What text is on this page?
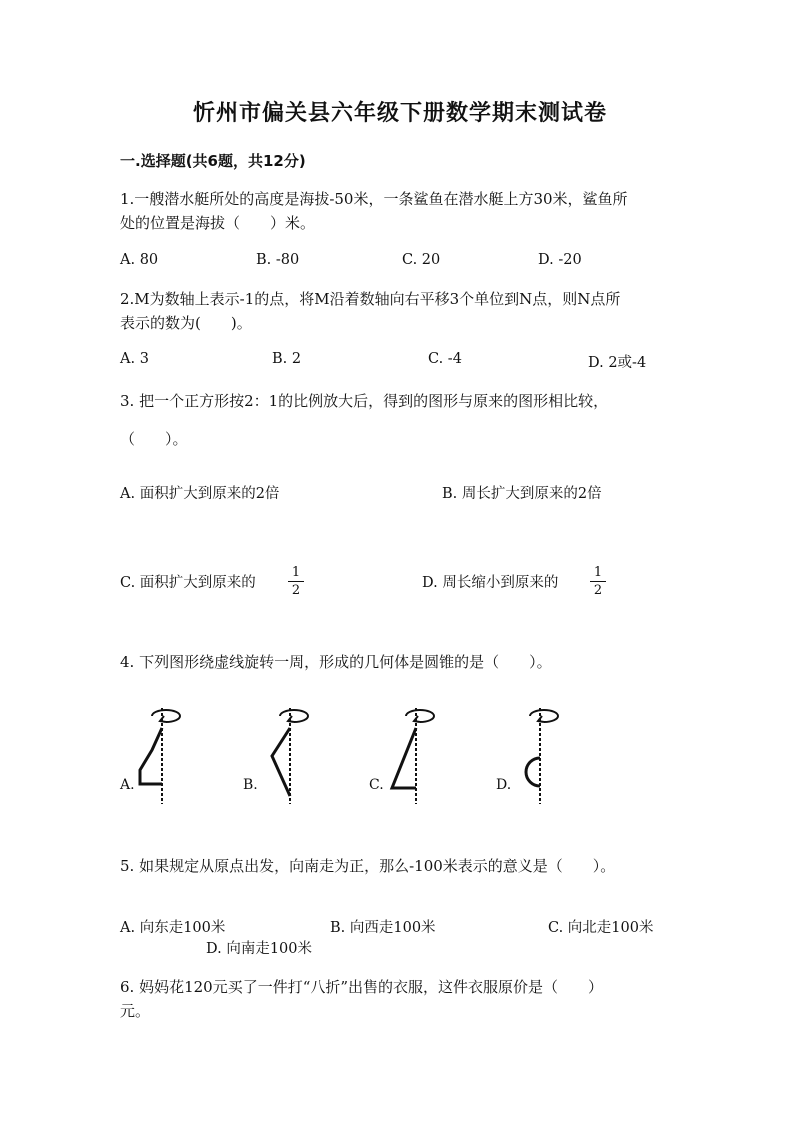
忻州市偏关县六年级下册数学期末测试卷
一.选择题(共6题，共12分)
1.一艘潜水艇所处的高度是海拔-50米，一条鲨鱼在潜水艇上方30米，鲨鱼所
处的位置是海拔（　　）米。
A. 80	B. -80	C. 20	D. -20
2.M为数轴上表示-1的点，将M沿着数轴向右平移3个单位到N点，则N点所
表示的数为(　　)。
A. 3	B. 2	C. -4	D. 2或-4
3. 把一个正方形按2：1的比例放大后，得到的图形与原来的图形相比较，
（　　）。
A. 面积扩大到原来的2倍	B. 周长扩大到原来的2倍
C. 面积扩大到原来的
1
2	D. 周长缩小到原来的
1
2
4. 下列图形绕虚线旋转一周，形成的几何体是圆锥的是（　　）。
A.	B.	C.	D.
5. 如果规定从原点出发，向南走为正，那么-100米表示的意义是（　　）。
A. 向东走100米	B. 向西走100米	C. 向北走100米
D. 向南走100米
6. 妈妈花120元买了一件打“八折”出售的衣服，这件衣服原价是（　　）
元。
